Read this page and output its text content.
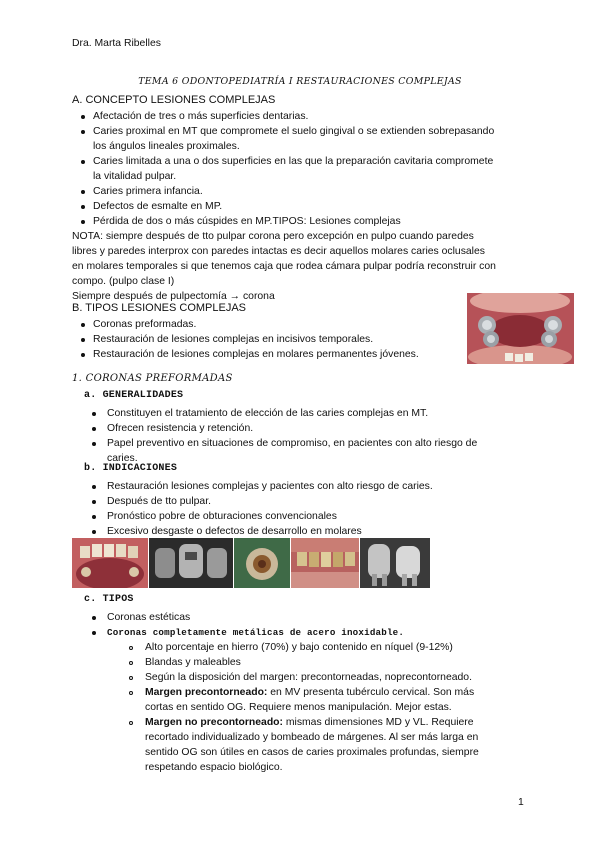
Dra. Marta Ribelles
TEMA 6 ODONTOPEDIATRÍA I RESTAURACIONES COMPLEJAS
A. CONCEPTO LESIONES COMPLEJAS
Afectación de tres o más superficies dentarias.
Caries proximal en MT que compromete el suelo gingival o se extienden sobrepasando
los ángulos lineales proximales.
Caries limitada a una o dos superficies en las que la preparación cavitaria compromete
la vitalidad pulpar.
Caries primera infancia.
Defectos de esmalte en MP.
Pérdida de dos o más cúspides en MP.TIPOS: Lesiones complejas
NOTA: siempre después de tto pulpar corona pero excepción en pulpo cuando paredes
libres y paredes interprox con paredes intactas es decir aquellos molares caries oclusales
en molares temporales si que tenemos caja que rodea cámara pulpar podría reconstruir con
compo. (pulpo clase I)
Siempre después de pulpectomía → corona
B. TIPOS LESIONES COMPLEJAS
Coronas preformadas.
Restauración de lesiones complejas en incisivos temporales.
Restauración de lesiones complejas en molares permanentes jóvenes.
1. CORONAS PREFORMADAS
a. GENERALIDADES
Constituyen el tratamiento de elección de las caries complejas en MT.
Ofrecen resistencia y retención.
Papel preventivo en situaciones de compromiso, en pacientes con alto riesgo de
caries.
b. INDICACIONES
Restauración lesiones complejas y pacientes con alto riesgo de caries.
Después de tto pulpar.
Pronóstico pobre de obturaciones convencionales
Excesivo desgaste o defectos de desarrollo en molares
c. TIPOS
Coronas estéticas
Coronas completamente metálicas de acero inoxidable.
Alto porcentaje en hierro (70%) y bajo contenido en níquel (9-12%)
Blandas y maleables
Según la disposición del margen: precontorneadas, noprecontorneado.
Margen precontorneado: en MV presenta tubérculo cervical. Son más
cortas en sentido OG. Requiere menos manipulación. Mejor estas.
Margen no precontorneado: mismas dimensiones MD y VL. Requiere
recortado individualizado y bombeado de márgenes. Al ser más larga en
sentido OG son útiles en casos de caries proximales profundas, siempre
respetando espacio biológico.
1
